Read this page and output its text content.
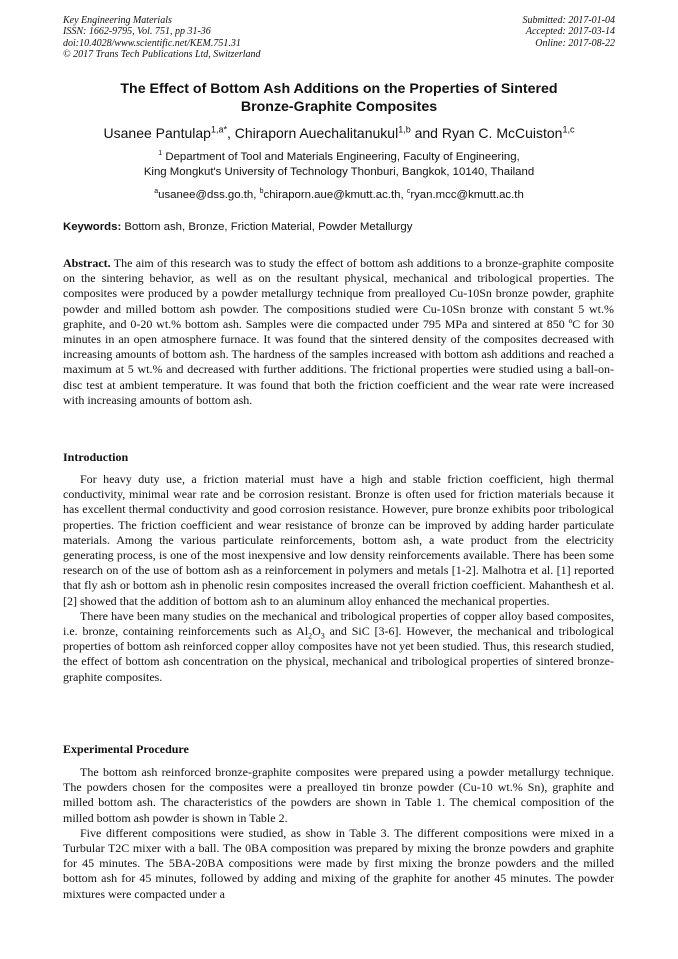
Key Engineering Materials
ISSN: 1662-9795, Vol. 751, pp 31-36
doi:10.4028/www.scientific.net/KEM.751.31
© 2017 Trans Tech Publications Ltd, Switzerland
Submitted: 2017-01-04
Accepted: 2017-03-14
Online: 2017-08-22
The Effect of Bottom Ash Additions on the Properties of Sintered
Bronze-Graphite Composites
Usanee Pantulap$^{1,a*}$, Chiraporn Auechalitanukul$^{1,b}$ and Ryan C. McCuiston$^{1,c}$
$^1$ Department of Tool and Materials Engineering, Faculty of Engineering,
King Mongkut's University of Technology Thonburi, Bangkok, 10140, Thailand
$^a$usanee@dss.go.th, $^b$chiraporn.aue@kmutt.ac.th, $^c$ryan.mcc@kmutt.ac.th
Keywords: Bottom ash, Bronze, Friction Material, Powder Metallurgy

Abstract. The aim of this research was to study the effect of bottom ash additions to a bronze-graphite composite on the sintering behavior, as well as on the resultant physical, mechanical and tribological properties. The composites were produced by a powder metallurgy technique from prealloyed Cu-10Sn bronze powder, graphite powder and milled bottom ash powder. The compositions studied were Cu-10Sn bronze with constant 5 wt.% graphite, and 0-20 wt.% bottom ash. Samples were die compacted under 795 MPa and sintered at 850 ºC for 30 minutes in an open atmosphere furnace. It was found that the sintered density of the composites decreased with increasing amounts of bottom ash. The hardness of the samples increased with bottom ash additions and reached a maximum at 5 wt.% and decreased with further additions. The frictional properties were studied using a ball-on-disc test at ambient temperature. It was found that both the friction coefficient and the wear rate were increased with increasing amounts of bottom ash.

Introduction

For heavy duty use, a friction material must have a high and stable friction coefficient, high thermal conductivity, minimal wear rate and be corrosion resistant. Bronze is often used for friction materials because it has excellent thermal conductivity and good corrosion resistance. However, pure bronze exhibits poor tribological properties. The friction coefficient and wear resistance of bronze can be improved by adding harder particulate materials. Among the various particulate reinforcements, bottom ash, a wate product from the electricity generating process, is one of the most inexpensive and low density reinforcements available. There has been some research on of the use of bottom ash as a reinforcement in polymers and metals [1-2]. Malhotra et al. [1] reported that fly ash or bottom ash in phenolic resin composites increased the overall friction coefficient. Mahanthesh et al. [2] showed that the addition of bottom ash to an aluminum alloy enhanced the mechanical properties.

There have been many studies on the mechanical and tribological properties of copper alloy based composites, i.e. bronze, containing reinforcements such as $Al_2O_3$ and SiC [3-6]. However, the mechanical and tribological properties of bottom ash reinforced copper alloy composites have not yet been studied. Thus, this research studied, the effect of bottom ash concentration on the physical, mechanical and tribological properties of sintered bronze-graphite composites.

Experimental Procedure

The bottom ash reinforced bronze-graphite composites were prepared using a powder metallurgy technique. The powders chosen for the composites were a prealloyed tin bronze powder (Cu-10 wt.% Sn), graphite and milled bottom ash. The characteristics of the powders are shown in Table 1. The chemical composition of the milled bottom ash powder is shown in Table 2.

Five different compositions were studied, as show in Table 3. The different compositions were mixed in a Turbular T2C mixer with a ball. The 0BA composition was prepared by mixing the bronze powders and graphite for 45 minutes. The 5BA-20BA compositions were made by first mixing the bronze powders and the milled bottom ash for 45 minutes, followed by adding and mixing of the graphite for another 45 minutes. The powder mixtures were compacted under a
